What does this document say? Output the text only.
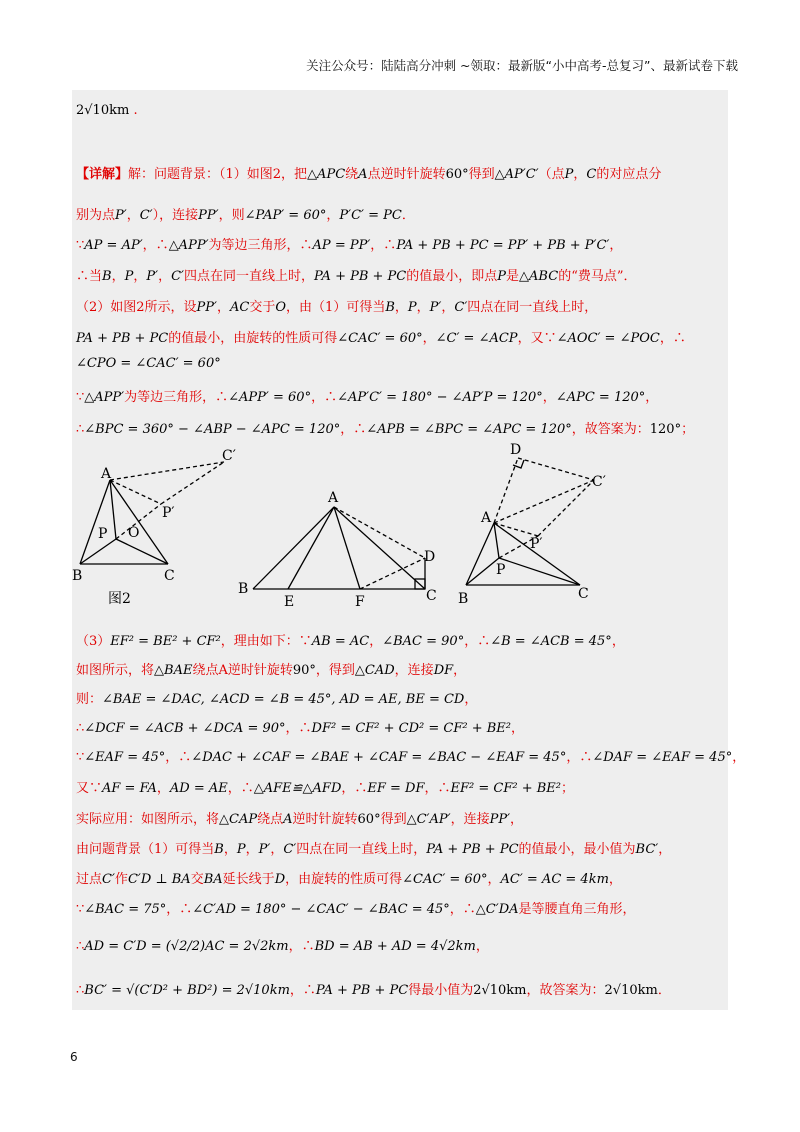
关注公众号：陆陆高分冲刺 ~领取：最新版“小中高考-总复习”、最新试卷下载
2√10km .
【详解】解：问题背景：（1）如图2，把△APC绕A点逆时针旋转60°得到△AP′C′（点P，C的对应点分
别为点P′，C′），连接PP′，则∠PAP′ = 60°，P′C′ = PC．
∵AP = AP′，∴△APP′为等边三角形，∴AP = PP′，∴PA + PB + PC = PP′ + PB + P′C′，
∴当B，P，P′，C′四点在同一直线上时，PA + PB + PC的值最小，即点P是△ABC的“费马点”．
（2）如图2所示，设PP′，AC交于O，由（1）可得当B，P，P′，C′四点在同一直线上时，
PA + PB + PC的值最小，由旋转的性质可得∠CAC′ = 60°，∠C′ = ∠ACP，又∵∠AOC′ = ∠POC，∴
∠CPO = ∠CAC′ = 60°
∵△APP′为等边三角形，∴∠APP′ = 60°，∴∠AP′C′ = 180° − ∠AP′P = 120°，∠APC = 120°，
∴∠BPC = 360° − ∠ABP − ∠APC = 120°，∴∠APB = ∠BPC = ∠APC = 120°，故答案为：120°；
（3）EF² = BE² + CF²，理由如下：∵AB = AC，∠BAC = 90°，∴∠B = ∠ACB = 45°，
如图所示，将△BAE绕点A逆时针旋转90°，得到△CAD，连接DF，
则：∠BAE = ∠DAC, ∠ACD = ∠B = 45°, AD = AE, BE = CD，
∴∠DCF = ∠ACB + ∠DCA = 90°，∴DF² = CF² + CD² = CF² + BE²，
∵∠EAF = 45°，∴∠DAC + ∠CAF = ∠BAE + ∠CAF = ∠BAC − ∠EAF = 45°，∴∠DAF = ∠EAF = 45°，
又∵AF = FA，AD = AE，∴△AFE≌△AFD，∴EF = DF，∴EF² = CF² + BE²；
实际应用：如图所示，将△CAP绕点A逆时针旋转60°得到△C′AP′，连接PP′，
由问题背景（1）可得当B，P，P′，C′四点在同一直线上时，PA + PB + PC的值最小，最小值为BC′，
过点C′作C′D ⊥ BA交BA延长线于D，由旋转的性质可得∠CAC′ = 60°，AC′ = AC = 4km，
∵∠BAC = 75°，∴∠C′AD = 180° − ∠CAC′ − ∠BAC = 45°，∴△C′DA是等腰直角三角形，
∴AD = C′D = (√2/2)AC = 2√2km，∴BD = AB + AD = 4√2km，
∴BC′ = √(C′D² + BD²) = 2√10km，∴PA + PB + PC得最小值为2√10km，故答案为：2√10km．
A
C′
P′
P O
B	C
图2
A
B
E	F	C
D
D
C′
A
P′
P
B	C
6
